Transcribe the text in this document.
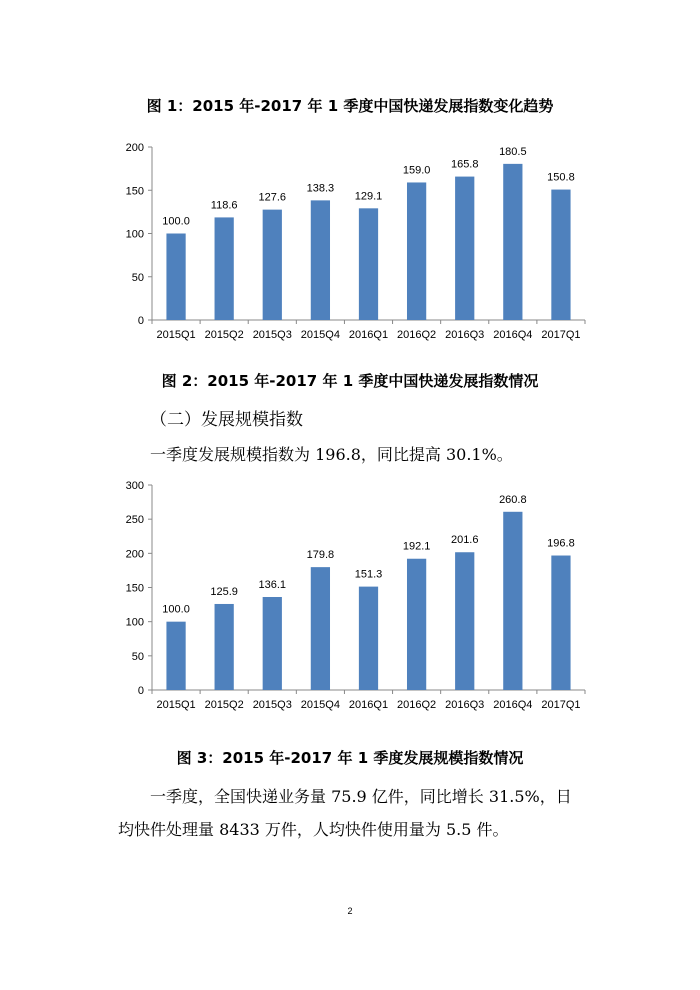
图 1：2015 年-2017 年 1 季度中国快递发展指数变化趋势
0
50
100
150
200
100.0
2015Q1
118.6
2015Q2
127.6
2015Q3
138.3
2015Q4
129.1
2016Q1
159.0
2016Q2
165.8
2016Q3
180.5
2016Q4
150.8
2017Q1
图 2：2015 年-2017 年 1 季度中国快递发展指数情况
（二）发展规模指数
一季度发展规模指数为 196.8，同比提高 30.1%。
0
50
100
150
200
250
300
100.0
2015Q1
125.9
2015Q2
136.1
2015Q3
179.8
2015Q4
151.3
2016Q1
192.1
2016Q2
201.6
2016Q3
260.8
2016Q4
196.8
2017Q1
图 3：2015 年-2017 年 1 季度发展规模指数情况
一季度，全国快递业务量 75.9 亿件，同比增长 31.5%，日
均快件处理量 8433 万件，人均快件使用量为 5.5 件。
2
